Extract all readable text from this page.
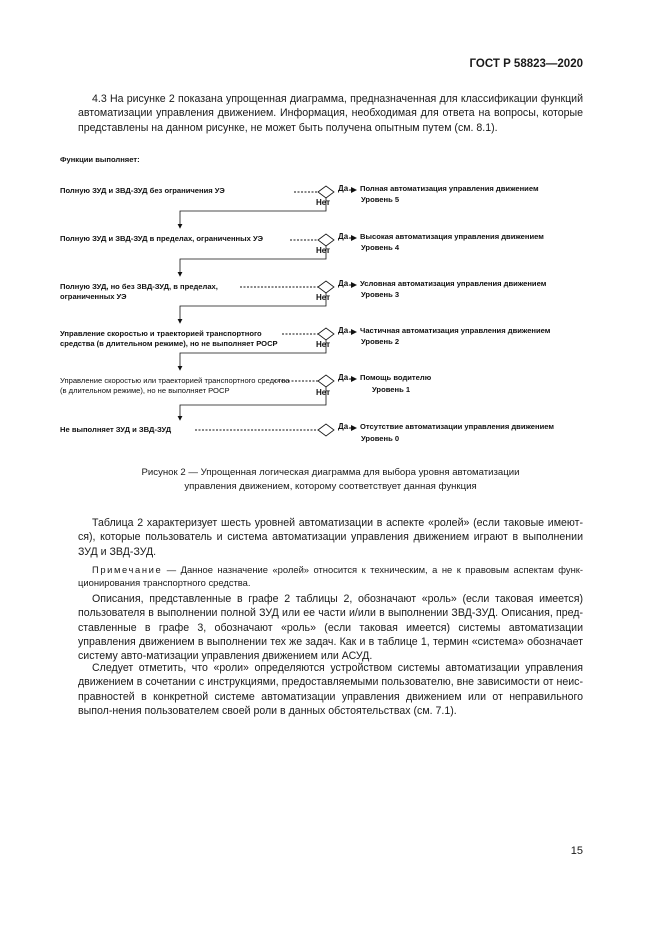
ГОСТ Р 58823—2020
4.3 На рисунке 2 показана упрощенная диаграмма, предназначенная для классификации функций автоматизации управления движением. Информация, необходимая для ответа на вопросы, которые представлены на данном рисунке, не может быть получена опытным путем (см. 8.1).
Функции выполняет:
Полную ЗУД и ЗВД-ЗУД без ограничения УЭ	Да Полная автоматизация управления движением
Уровень 5
Нет
Полную ЗУД и ЗВД-ЗУД в пределах, ограниченных УЭ	Да Высокая автоматизация управления движением
Уровень 4
Нет
Полную ЗУД, но без ЗВД-ЗУД, в пределах, ограниченных УЭ
Да Условная автоматизация управления движением
Уровень 3
Нет
Управление скоростью и траекторией транспортного средства (в длительном режиме), но не выполняет РОСР
Да Частичная автоматизация управления движением
Уровень 2
Нет
Управление скоростью или траекторией транспортного средства (в длительном режиме), но не выполняет РОСР
Да Помощь водителю
Уровень 1
Нет
Не выполняет ЗУД и ЗВД-ЗУД	Да Отсутствие автоматизации управления движением
Уровень 0
Рисунок 2 — Упрощенная логическая диаграмма для выбора уровня автоматизации
управления движением, которому соответствует данная функция
Таблица 2 характеризует шесть уровней автоматизации в аспекте «ролей» (если таковые имеют-ся), которые пользователь и система автоматизации управления движением играют в выполнении ЗУД и ЗВД-ЗУД.
Примечание — Данное назначение «ролей» относится к техническим, а не к правовым аспектам функ-ционирования транспортного средства.
Описания, представленные в графе 2 таблицы 2, обозначают «роль» (если таковая имеется) пользователя в выполнении полной ЗУД или ее части и/или в выполнении ЗВД-ЗУД. Описания, пред-ставленные в графе 3, обозначают «роль» (если таковая имеется) системы автоматизации управления движением в выполнении тех же задач. Как и в таблице 1, термин «система» обозначает систему авто-матизации управления движением или АСУД.
Следует отметить, что «роли» определяются устройством системы автоматизации управления движением в сочетании с инструкциями, предоставляемыми пользователю, вне зависимости от неис-правностей в конкретной системе автоматизации управления движением или от неправильного выпол-нения пользователем своей роли в данных обстоятельствах (см. 7.1).
15
